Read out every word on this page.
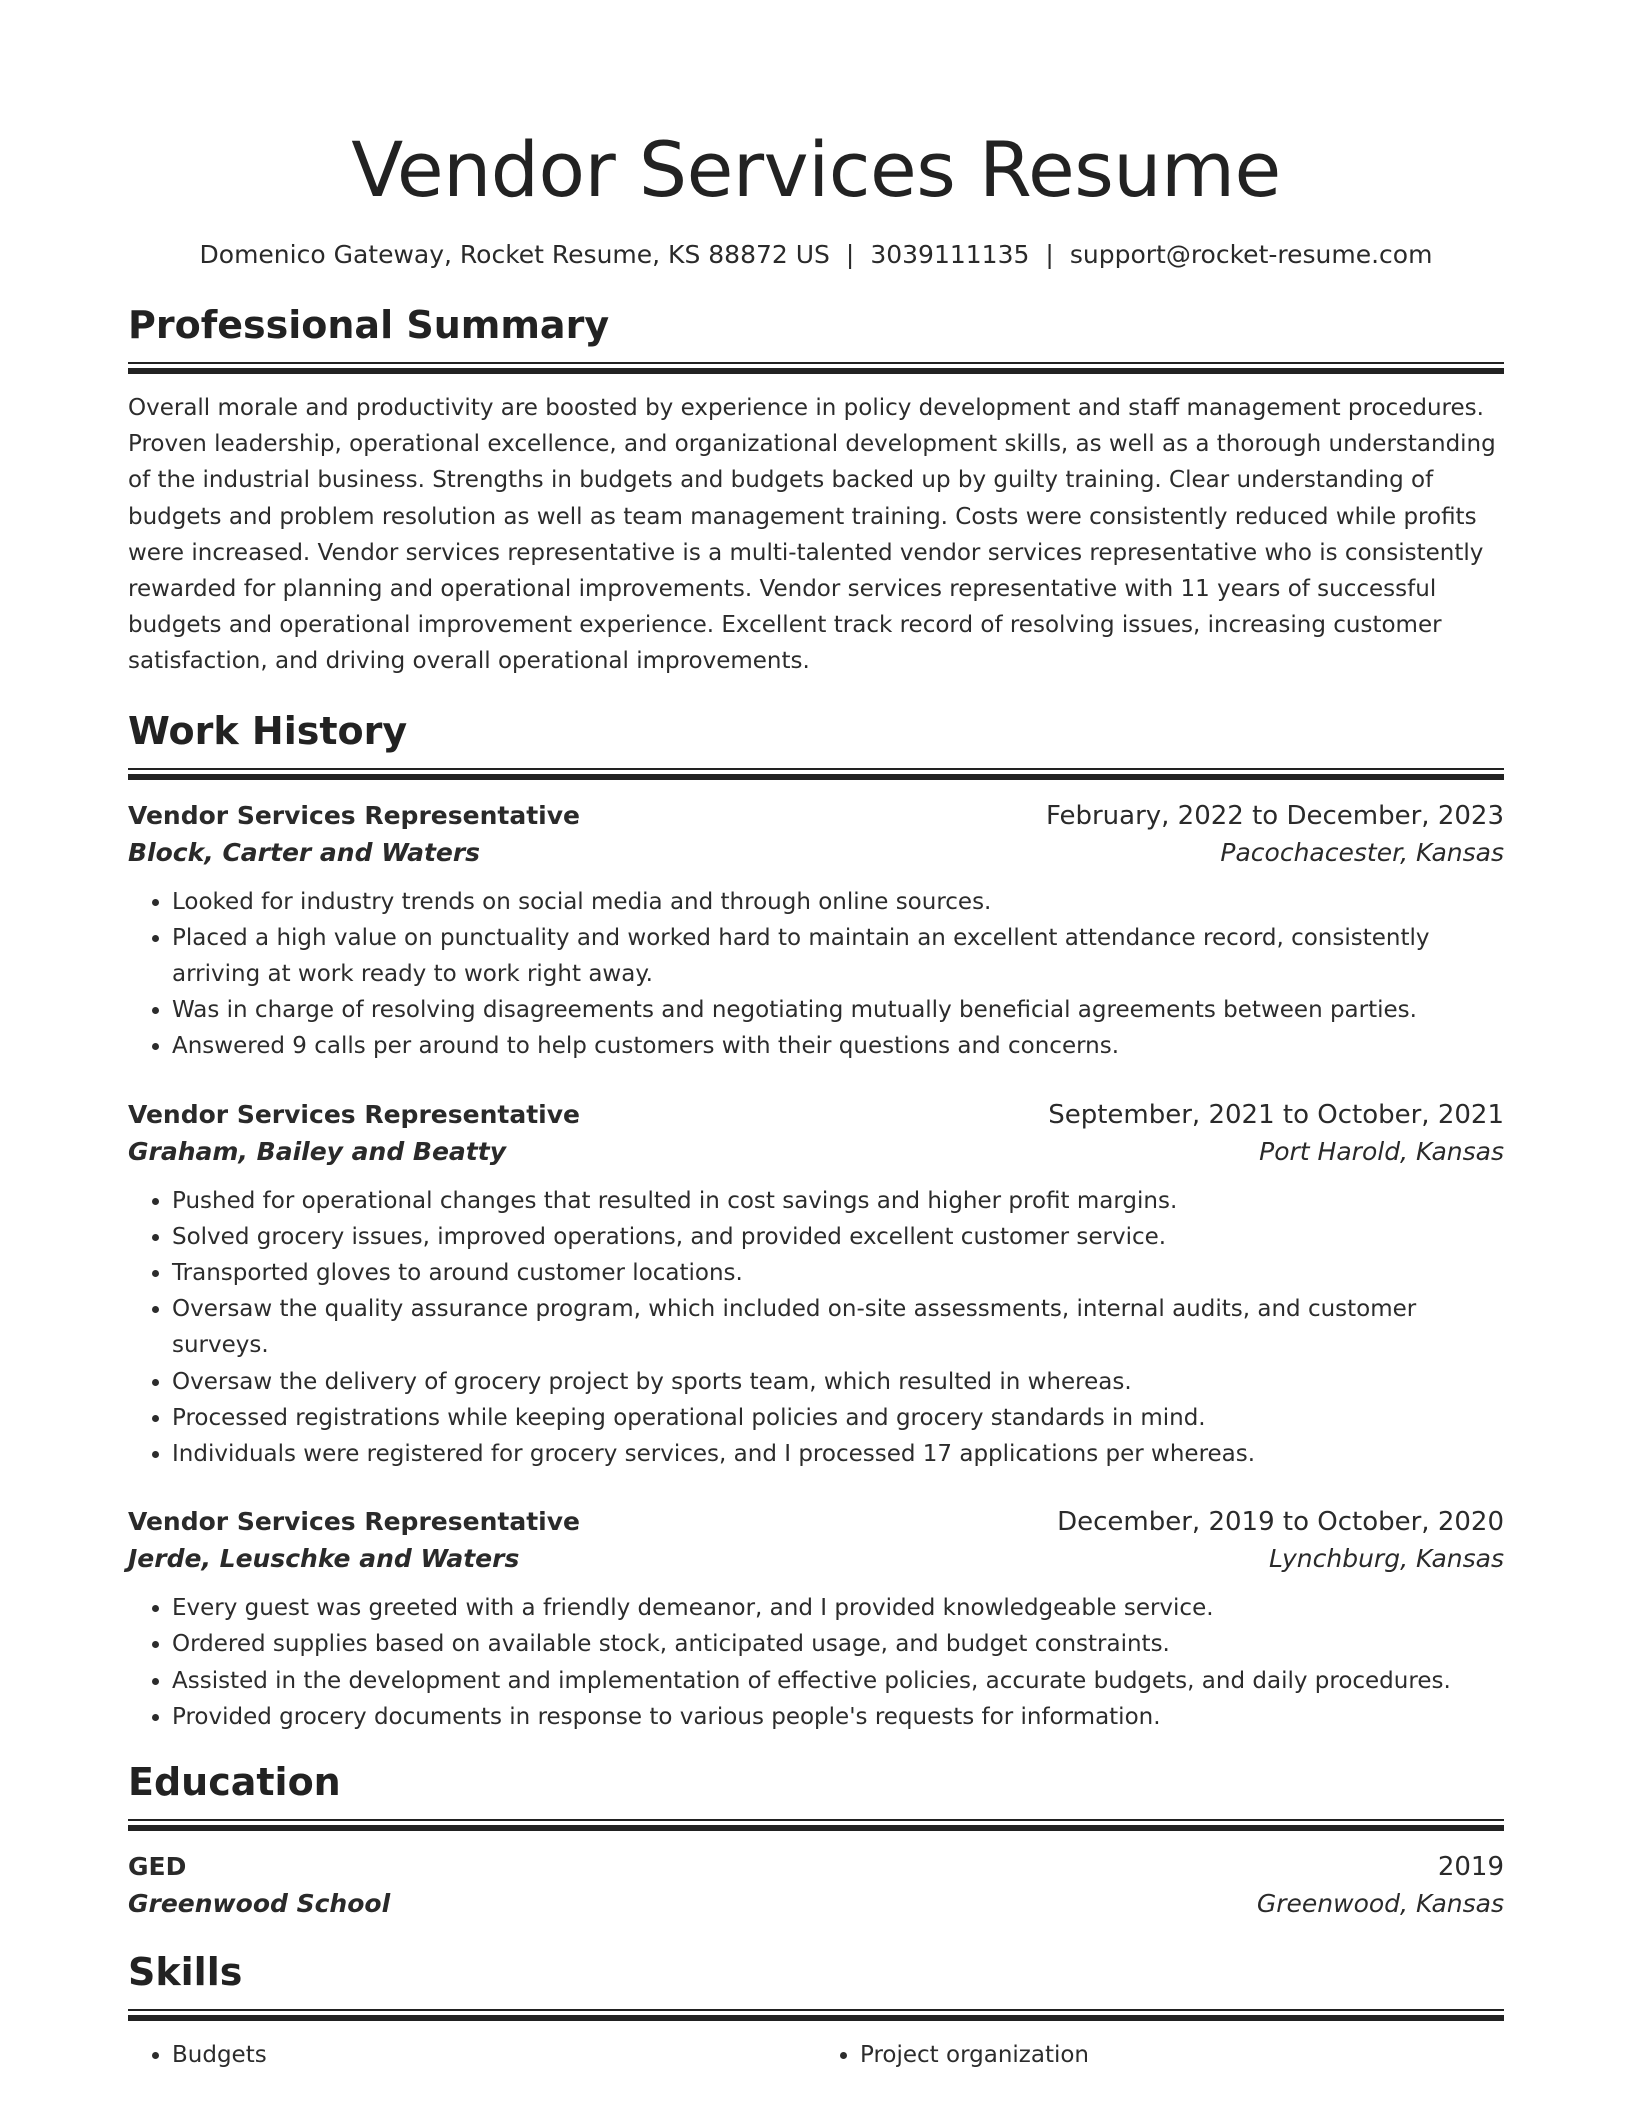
Vendor Services Resume
Domenico Gateway, Rocket Resume, KS 88872 US | 3039111135 | support@rocket-resume.com
Professional Summary
Overall morale and productivity are boosted by experience in policy development and staff management procedures. Proven leadership, operational excellence, and organizational development skills, as well as a thorough understanding of the industrial business. Strengths in budgets and budgets backed up by guilty training. Clear understanding of budgets and problem resolution as well as team management training. Costs were consistently reduced while profits were increased. Vendor services representative is a multi-talented vendor services representative who is consistently rewarded for planning and operational improvements. Vendor services representative with 11 years of successful budgets and operational improvement experience. Excellent track record of resolving issues, increasing customer satisfaction, and driving overall operational improvements.
Work History
Vendor Services Representative	February, 2022 to December, 2023
Block, Carter and Waters	Pacochacester, Kansas
• Looked for industry trends on social media and through online sources.
• Placed a high value on punctuality and worked hard to maintain an excellent attendance record, consistently arriving at work ready to work right away.
• Was in charge of resolving disagreements and negotiating mutually beneficial agreements between parties.
• Answered 9 calls per around to help customers with their questions and concerns.
Vendor Services Representative	September, 2021 to October, 2021
Graham, Bailey and Beatty	Port Harold, Kansas
• Pushed for operational changes that resulted in cost savings and higher profit margins.
• Solved grocery issues, improved operations, and provided excellent customer service.
• Transported gloves to around customer locations.
• Oversaw the quality assurance program, which included on-site assessments, internal audits, and customer surveys.
• Oversaw the delivery of grocery project by sports team, which resulted in whereas.
• Processed registrations while keeping operational policies and grocery standards in mind.
• Individuals were registered for grocery services, and I processed 17 applications per whereas.
Vendor Services Representative	December, 2019 to October, 2020
Jerde, Leuschke and Waters	Lynchburg, Kansas
• Every guest was greeted with a friendly demeanor, and I provided knowledgeable service.
• Ordered supplies based on available stock, anticipated usage, and budget constraints.
• Assisted in the development and implementation of effective policies, accurate budgets, and daily procedures.
• Provided grocery documents in response to various people's requests for information.
Education
GED	2019
Greenwood School	Greenwood, Kansas
Skills
• Budgets
•	Project organization
